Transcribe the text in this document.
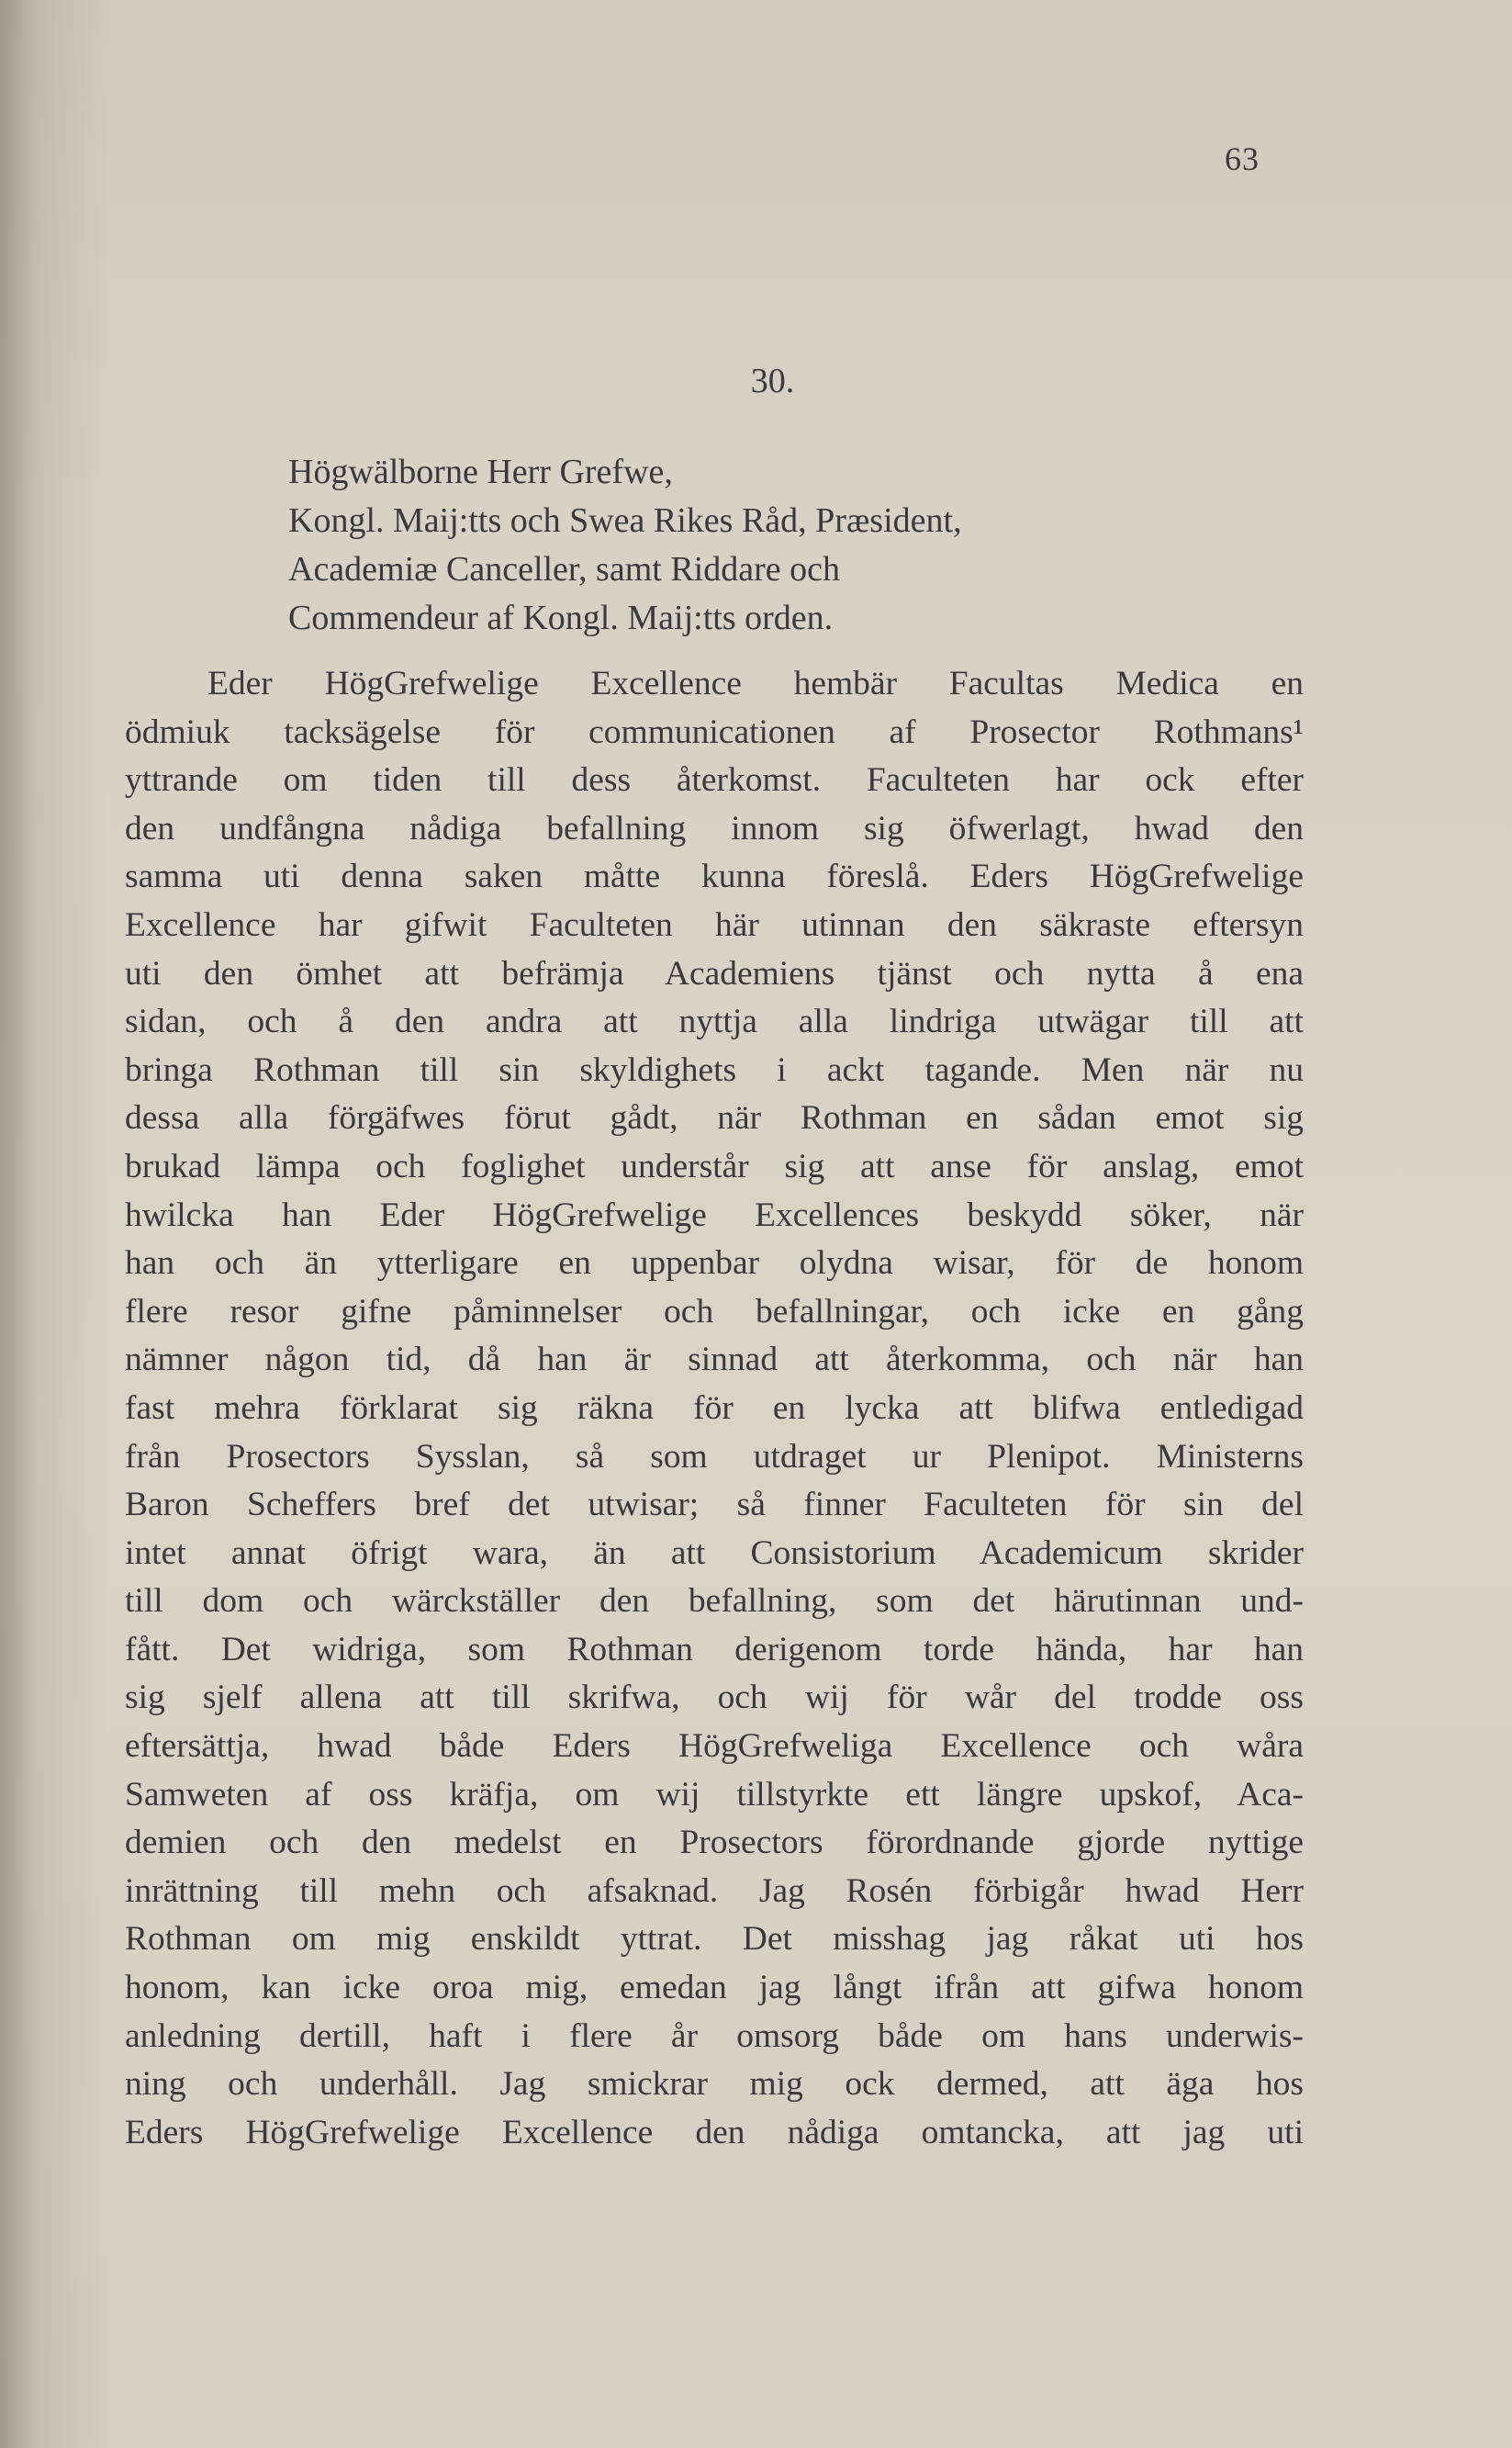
63
30.
Högwälborne Herr Grefwe,
Kongl. Maij:tts och Swea Rikes Råd, Præsident,
Academiæ Canceller, samt Riddare och
Commendeur af Kongl. Maij:tts orden.
Eder HögGrefwelige Excellence hembär Facultas Medica en
ödmiuk tacksägelse för communicationen af Prosector Rothmans¹
yttrande om tiden till dess återkomst. Faculteten har ock efter
den undfångna nådiga befallning innom sig öfwerlagt, hwad den
samma uti denna saken måtte kunna föreslå. Eders HögGrefwelige
Excellence har gifwit Faculteten här utinnan den säkraste eftersyn
uti den ömhet att befrämja Academiens tjänst och nytta å ena
sidan, och å den andra att nyttja alla lindriga utwägar till att
bringa Rothman till sin skyldighets i ackt tagande. Men när nu
dessa alla förgäfwes förut gådt, när Rothman en sådan emot sig
brukad lämpa och foglighet understår sig att anse för anslag, emot
hwilcka han Eder HögGrefwelige Excellences beskydd söker, när
han och än ytterligare en uppenbar olydna wisar, för de honom
flere resor gifne påminnelser och befallningar, och icke en gång
nämner någon tid, då han är sinnad att återkomma, och när han
fast mehra förklarat sig räkna för en lycka att blifwa entledigad
från Prosectors Sysslan, så som utdraget ur Plenipot. Ministerns
Baron Scheffers bref det utwisar; så finner Faculteten för sin del
intet annat öfrigt wara, än att Consistorium Academicum skrider
till dom och wärckställer den befallning, som det härutinnan und-
fått. Det widriga, som Rothman derigenom torde hända, har han
sig sjelf allena att till skrifwa, och wij för wår del trodde oss
eftersättja, hwad både Eders HögGrefweliga Excellence och wåra
Samweten af oss kräfja, om wij tillstyrkte ett längre upskof, Aca-
demien och den medelst en Prosectors förordnande gjorde nyttige
inrättning till mehn och afsaknad. Jag Rosén förbigår hwad Herr
Rothman om mig enskildt yttrat. Det misshag jag råkat uti hos
honom, kan icke oroa mig, emedan jag långt ifrån att gifwa honom
anledning dertill, haft i flere år omsorg både om hans underwis-
ning och underhåll. Jag smickrar mig ock dermed, att äga hos
Eders HögGrefwelige Excellence den nådiga omtancka, att jag uti
